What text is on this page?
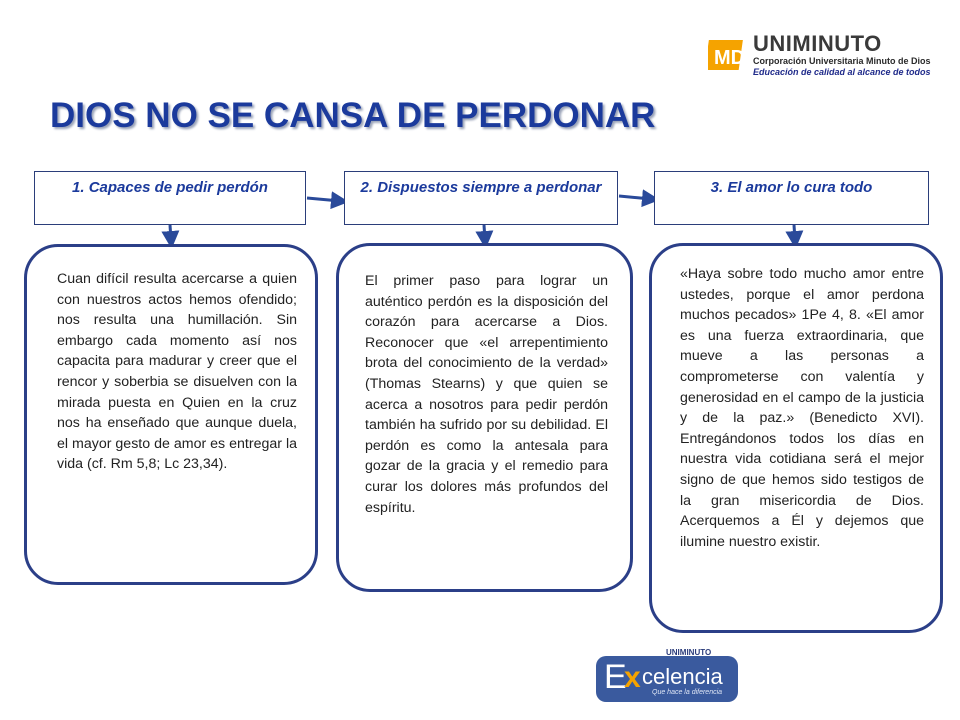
MD
UNIMINUTO
Corporación Universitaria Minuto de Dios
Educación de calidad al alcance de todos
DIOS NO SE CANSA DE PERDONAR
1. Capaces de pedir perdón	2. Dispuestos siempre a perdonar	3. El amor lo cura todo
Cuan difícil resulta acercarse a quien con nuestros actos hemos ofendido; nos resulta una humillación. Sin embargo cada momento así nos capacita para madurar y creer que el rencor y soberbia se disuelven con la mirada puesta en Quien en la cruz nos ha enseñado que aunque duela, el mayor gesto de amor es entregar la vida (cf. Rm 5,8; Lc 23,34).
El primer paso para lograr un auténtico perdón es la disposición del corazón para acercarse a Dios. Reconocer que «el arrepentimiento brota del conocimiento de la verdad» (Thomas Stearns) y que quien se acerca a nosotros para pedir perdón también ha sufrido por su debilidad. El perdón es como la antesala para gozar de la gracia y el remedio para curar los dolores más profundos del espíritu.
«Haya sobre todo mucho amor entre ustedes, porque el amor perdona muchos pecados» 1Pe 4, 8. «El amor es una fuerza extraordinaria, que mueve a las personas a comprometerse con valentía y generosidad en el campo de la justicia y de la paz.» (Benedicto XVI). Entregándonos todos los días en nuestra vida cotidiana será el mejor signo de que hemos sido testigos de la gran misericordia de Dios. Acerquemos a Él y dejemos que ilumine nuestro existir.
UNIMINUTO
E
x celencia
Que hace la diferencia
